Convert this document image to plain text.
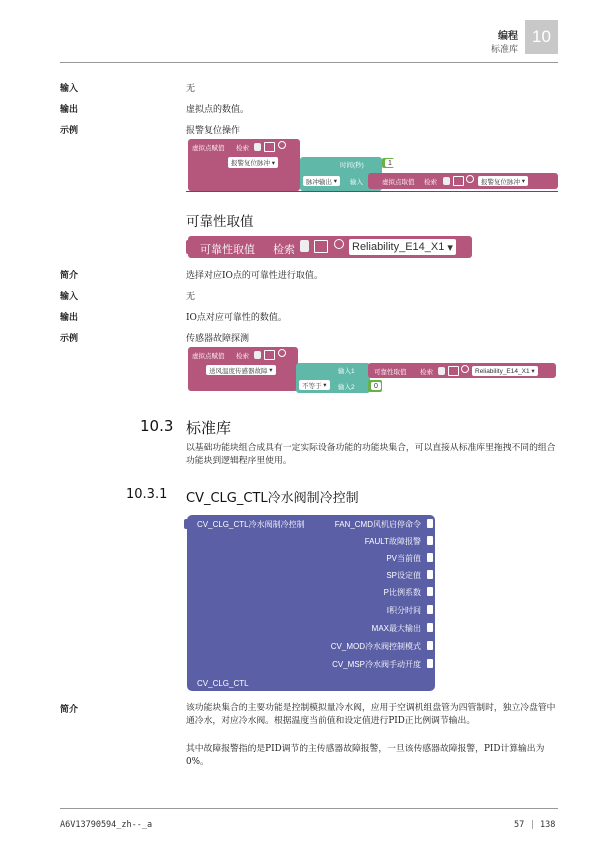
编程
标准库
10
输入	无
输出	虚拟点的数值。
示例	报警复位操作
虚拟点赋值 检索
报警复位脉冲 ▾	时间(秒)	1
脉冲输出 ▾	输入	虚拟点取值 检索	报警复位脉冲 ▾
可靠性取值
可靠性取值 检索	Reliability_E14_X1 ▾
简介	选择对应IO点的可靠性进行取值。
输入	无
输出	IO点对应可靠性的数值。
示例	传感器故障探测
虚拟点赋值 检索
送风温度传感器故障 ▾	输入1
不等于 ▾	输入2
可靠性取值 检索	Reliability_E14_X1 ▾
0
10.3 标准库
以基础功能块组合成具有一定实际设备功能的功能块集合，可以直接从标准库里拖拽不同的组合功能块到逻辑程序里使用。
10.3.1 CV_CLG_CTL冷水阀制冷控制
CV_CLG_CTL冷水阀制冷控制	FAN_CMD风机启停命令
FAULT故障报警
PV当前值
SP设定值
P比例系数
I积分时间
MAX最大输出
CV_MOD冷水阀控制模式
CV_MSP冷水阀手动开度
CV_CLG_CTL
简介	该功能块集合的主要功能是控制模拟量冷水阀，应用于空调机组盘管为四管制时，独立冷盘管中通冷水，对应冷水阀。根据温度当前值和设定值进行PID正比例调节输出。
其中故障报警指的是PID调节的主传感器故障报警，一旦该传感器故障报警，PID计算输出为0%。
A6V13790594_zh--_a	57 | 138
